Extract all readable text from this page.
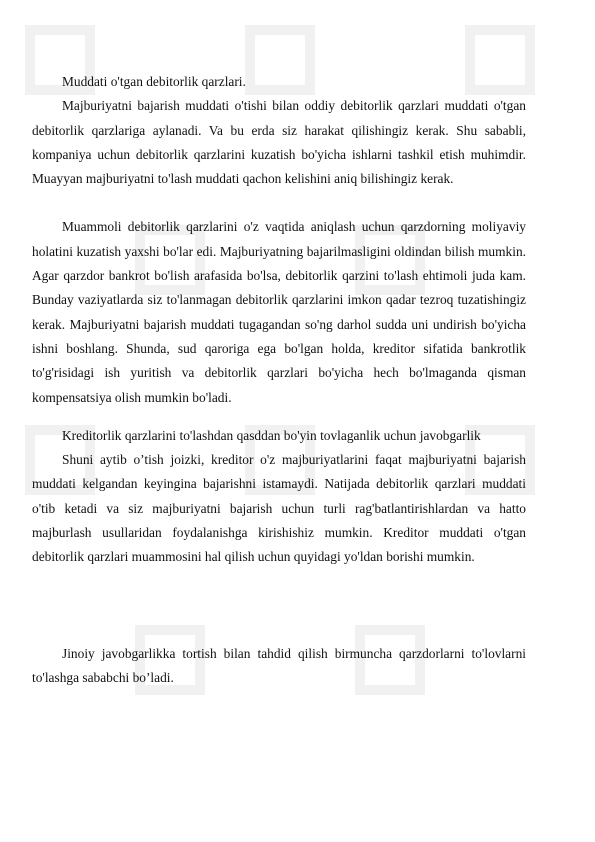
Muddati o'tgan debitorlik qarzlari.

Majburiyatni bajarish muddati o'tishi bilan oddiy debitorlik qarzlari muddati o'tgan debitorlik qarzlariga aylanadi. Va bu erda siz harakat qilishingiz kerak. Shu sababli, kompaniya uchun debitorlik qarzlarini kuzatish bo'yicha ishlarni tashkil etish muhimdir. Muayyan majburiyatni to'lash muddati qachon kelishini aniq bilishingiz kerak.

Muammoli debitorlik qarzlarini o'z vaqtida aniqlash uchun qarzdorning moliyaviy holatini kuzatish yaxshi bo'lar edi. Majburiyatning bajarilmasligini oldindan bilish mumkin. Agar qarzdor bankrot bo'lish arafasida bo'lsa, debitorlik qarzini to'lash ehtimoli juda kam. Bunday vaziyatlarda siz to'lanmagan debitorlik qarzlarini imkon qadar tezroq tuzatishingiz kerak. Majburiyatni bajarish muddati tugagandan so'ng darhol sudda uni undirish bo'yicha ishni boshlang. Shunda, sud qaroriga ega bo'lgan holda, kreditor sifatida bankrotlik to'g'risidagi ish yuritish va debitorlik qarzlari bo'yicha hech bo'lmaganda qisman kompensatsiya olish mumkin bo'ladi.

Kreditorlik qarzlarini to'lashdan qasddan bo'yin tovlaganlik uchun javobgarlik

Shuni aytib o’tish joizki, kreditor o'z majburiyatlarini faqat majburiyatni bajarish muddati kelgandan keyingina bajarishni istamaydi. Natijada debitorlik qarzlari muddati o'tib ketadi va siz majburiyatni bajarish uchun turli rag'batlantirishlardan va hatto majburlash usullaridan foydalanishga kirishishiz mumkin. Kreditor muddati o'tgan debitorlik qarzlari muammosini hal qilish uchun quyidagi yo'ldan borishi mumkin.

Jinoiy javobgarlikka tortish bilan tahdid qilish birmuncha qarzdorlarni to'lovlarni to'lashga sababchi bo’ladi.
